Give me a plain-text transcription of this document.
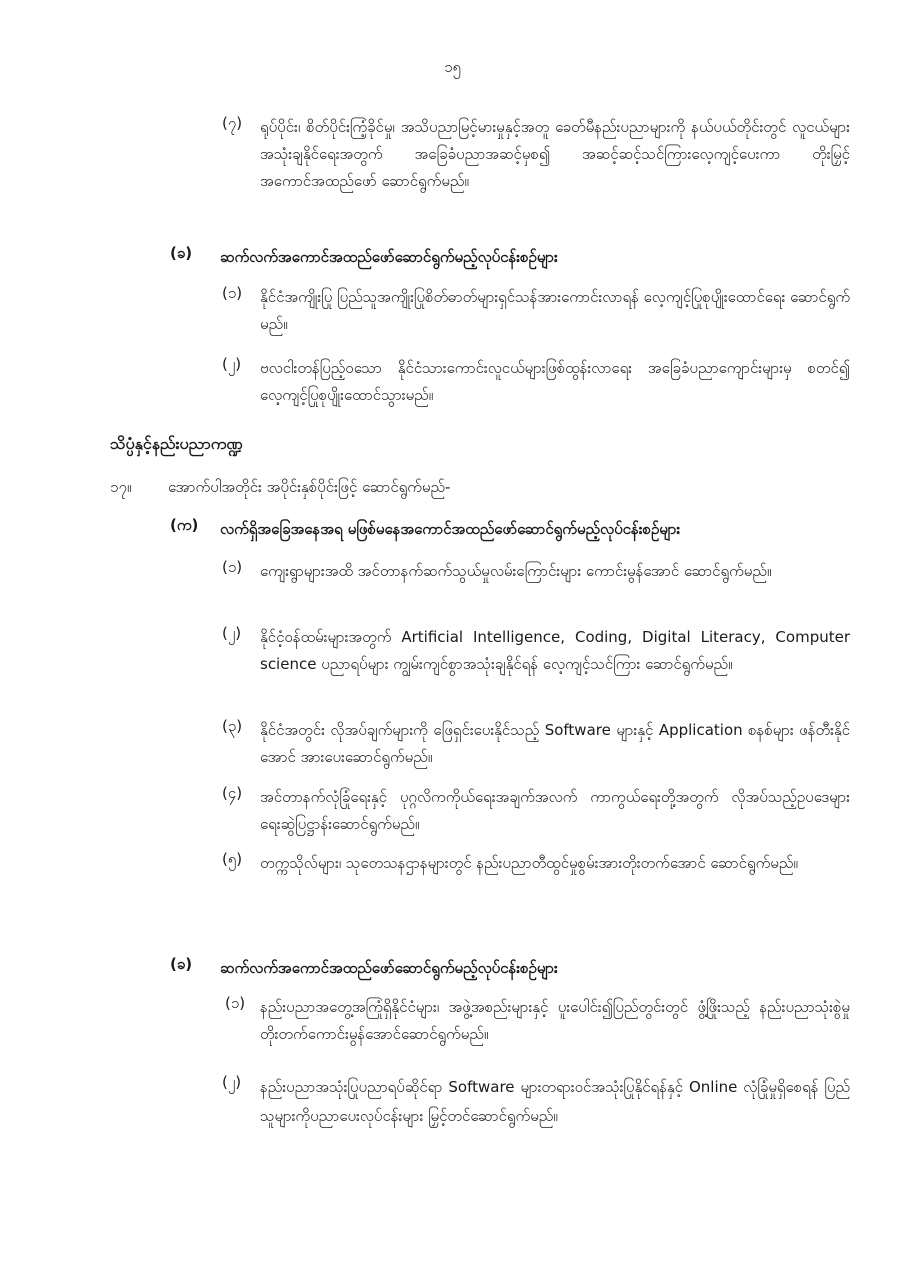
၁၅
(၇) ရုပ်ပိုင်း၊ စိတ်ပိုင်းကြံ့ခိုင်မှု၊ အသိပညာမြင့်မားမှုနှင့်အတူ ခေတ်မီနည်းပညာများကို နယ်ပယ်တိုင်းတွင် လူငယ်များအသုံးချနိုင်ရေးအတွက် အခြေခံပညာအဆင့်မှစ၍ အဆင့်ဆင့်သင်ကြားလေ့ကျင့်ပေးကာ တိုးမြှင့်အကောင်အထည်ဖော် ဆောင်ရွက်မည်။
(ခ) ဆက်လက်အကောင်အထည်ဖော်ဆောင်ရွက်မည့်လုပ်ငန်းစဉ်များ
(၁) နိုင်ငံအကျိုးပြု ပြည်သူအကျိုးပြုစိတ်ဓာတ်များရှင်သန်အားကောင်းလာရန် လေ့ကျင့်ပြုစုပျိုးထောင်ရေး ဆောင်ရွက်မည်။
(၂) ဗလငါးတန်ပြည့်ဝသော နိုင်ငံသားကောင်းလူငယ်များဖြစ်ထွန်းလာရေး အခြေခံပညာကျောင်းများမှ စတင်၍ လေ့ကျင့်ပြုစုပျိုးထောင်သွားမည်။
သိပ္ပံနှင့်နည်းပညာကဏ္ဍ
၁၇။ အောက်ပါအတိုင်း အပိုင်းနှစ်ပိုင်းဖြင့် ဆောင်ရွက်မည်-
(က) လက်ရှိအခြေအနေအရ မဖြစ်မနေအကောင်အထည်ဖော်ဆောင်ရွက်မည့်လုပ်ငန်းစဉ်များ
(၁) ကျေးရွာများအထိ အင်တာနက်ဆက်သွယ်မှုလမ်းကြောင်းများ ကောင်းမွန်အောင် ဆောင်ရွက်မည်။
(၂) နိုင်ငံ့ဝန်ထမ်းများအတွက် Artificial Intelligence, Coding, Digital Literacy, Computer science ပညာရပ်များ ကျွမ်းကျင်စွာအသုံးချနိုင်ရန် လေ့ကျင့်သင်ကြား ဆောင်ရွက်မည်။
(၃) နိုင်ငံအတွင်း လိုအပ်ချက်များကို ဖြေရှင်းပေးနိုင်သည့် Software များနှင့် Application စနစ်များ ဖန်တီးနိုင်အောင် အားပေးဆောင်ရွက်မည်။
(၄) အင်တာနက်လုံခြုံရေးနှင့် ပုဂ္ဂလိကကိုယ်ရေးအချက်အလက် ကာကွယ်ရေးတို့အတွက် လိုအပ်သည့်ဥပဒေများရေးဆွဲပြဋ္ဌာန်းဆောင်ရွက်မည်။
(၅) တက္ကသိုလ်များ၊ သုတေသနဌာနများတွင် နည်းပညာတီထွင်မှုစွမ်းအားတိုးတက်အောင် ဆောင်ရွက်မည်။
(ခ) ဆက်လက်အကောင်အထည်ဖော်ဆောင်ရွက်မည့်လုပ်ငန်းစဉ်များ
(၁) နည်းပညာအတွေ့အကြုံရှိနိုင်ငံများ၊ အဖွဲ့အစည်းများနှင့် ပူးပေါင်း၍ပြည်တွင်းတွင် ဖွံ့ဖြိုးသည့် နည်းပညာသုံးစွဲမှု တိုးတက်ကောင်းမွန်အောင်ဆောင်ရွက်မည်။
(၂) နည်းပညာအသုံးပြုပညာရပ်ဆိုင်ရာ Software များတရားဝင်အသုံးပြုနိုင်ရန်နှင့် Online လုံခြုံမှုရှိစေရန် ပြည်သူများကိုပညာပေးလုပ်ငန်းများ မြှင့်တင်ဆောင်ရွက်မည်။
